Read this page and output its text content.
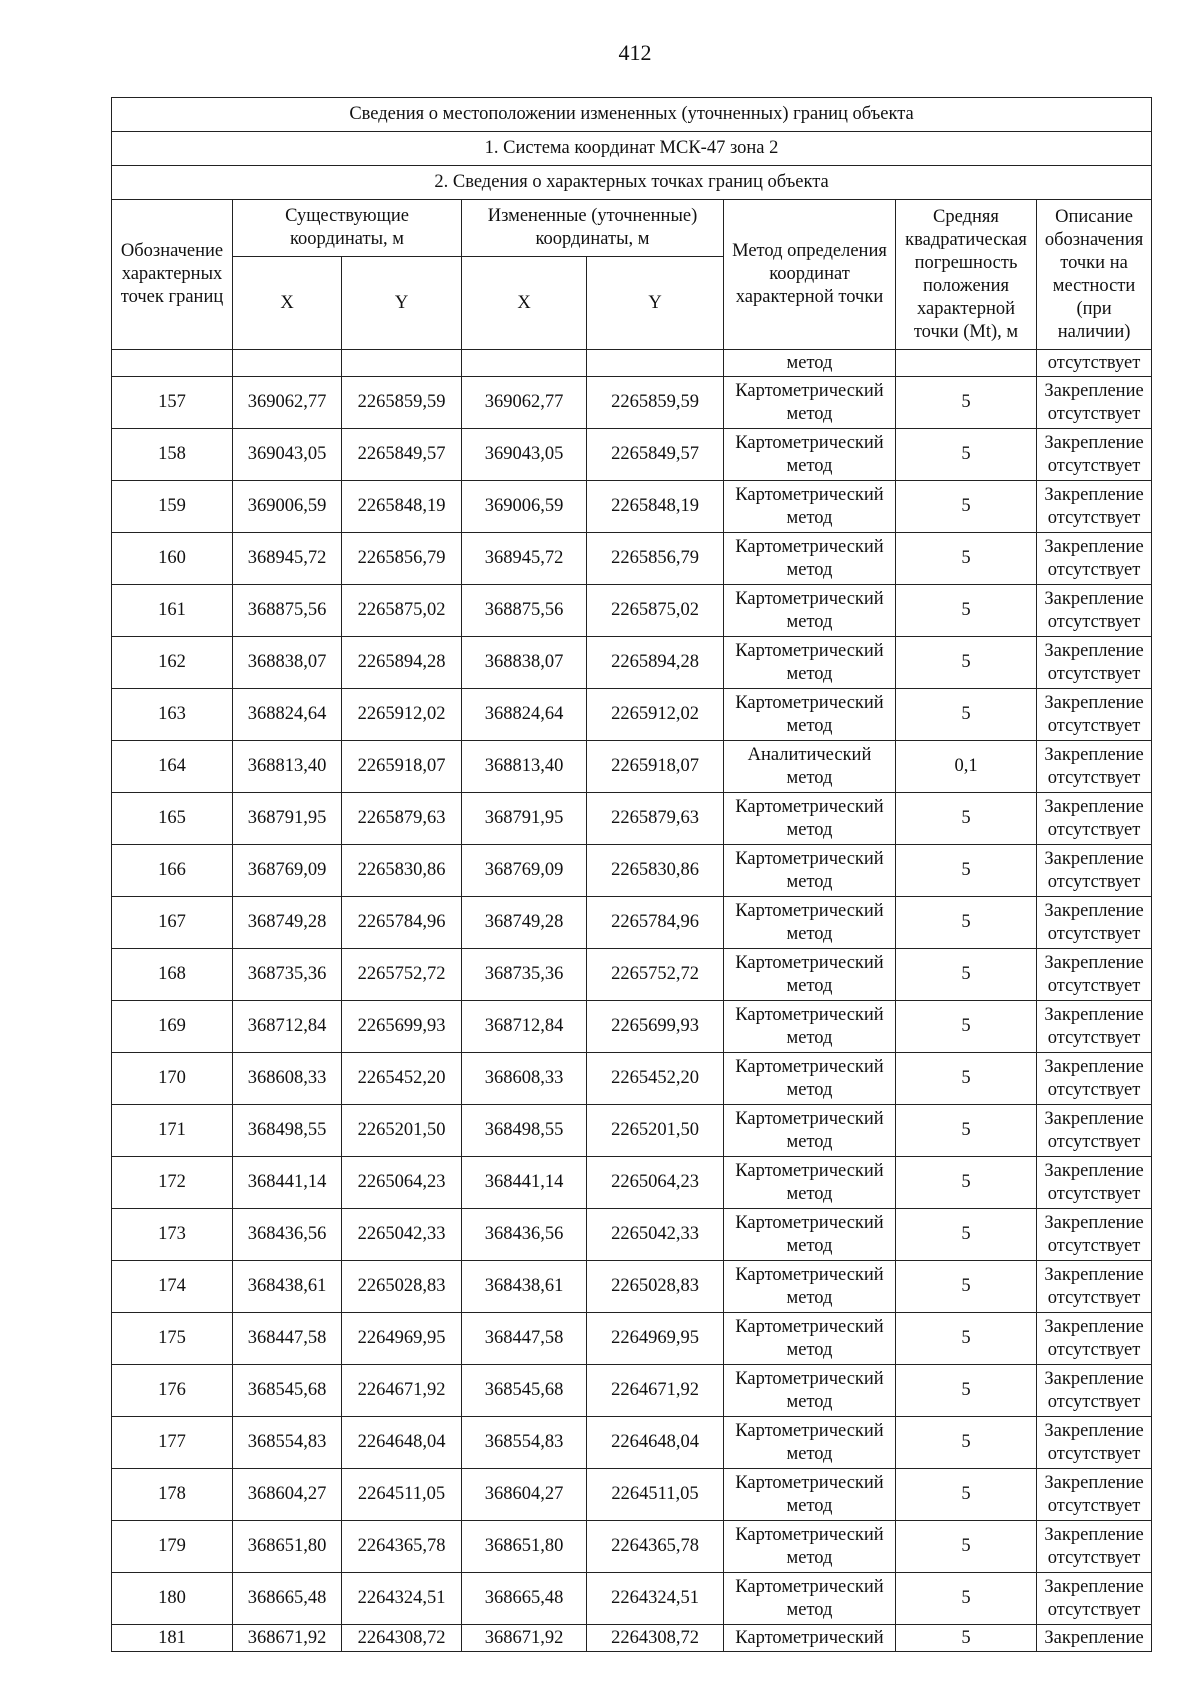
412
Сведения о местоположении измененных (уточненных) границ объекта							
1. Система координат МСК-47 зона 2							
2. Сведения о характерных точках границ объекта							
Обозначение характерных точек границ	Существующие координаты, м		Измененные (уточненные) координаты, м		Метод определения координат характерной точки	Средняя квадратическая погрешность положения характерной точки (Mt), м	Описание обозначения точки на местности (при наличии)
	X	Y	X	Y			
					метод		отсутствует
157	369062,77	2265859,59	369062,77	2265859,59	Картометрический метод	5	Закрепление отсутствует
158	369043,05	2265849,57	369043,05	2265849,57	Картометрический метод	5	Закрепление отсутствует
159	369006,59	2265848,19	369006,59	2265848,19	Картометрический метод	5	Закрепление отсутствует
160	368945,72	2265856,79	368945,72	2265856,79	Картометрический метод	5	Закрепление отсутствует
161	368875,56	2265875,02	368875,56	2265875,02	Картометрический метод	5	Закрепление отсутствует
162	368838,07	2265894,28	368838,07	2265894,28	Картометрический метод	5	Закрепление отсутствует
163	368824,64	2265912,02	368824,64	2265912,02	Картометрический метод	5	Закрепление отсутствует
164	368813,40	2265918,07	368813,40	2265918,07	Аналитический метод	0,1	Закрепление отсутствует
165	368791,95	2265879,63	368791,95	2265879,63	Картометрический метод	5	Закрепление отсутствует
166	368769,09	2265830,86	368769,09	2265830,86	Картометрический метод	5	Закрепление отсутствует
167	368749,28	2265784,96	368749,28	2265784,96	Картометрический метод	5	Закрепление отсутствует
168	368735,36	2265752,72	368735,36	2265752,72	Картометрический метод	5	Закрепление отсутствует
169	368712,84	2265699,93	368712,84	2265699,93	Картометрический метод	5	Закрепление отсутствует
170	368608,33	2265452,20	368608,33	2265452,20	Картометрический метод	5	Закрепление отсутствует
171	368498,55	2265201,50	368498,55	2265201,50	Картометрический метод	5	Закрепление отсутствует
172	368441,14	2265064,23	368441,14	2265064,23	Картометрический метод	5	Закрепление отсутствует
173	368436,56	2265042,33	368436,56	2265042,33	Картометрический метод	5	Закрепление отсутствует
174	368438,61	2265028,83	368438,61	2265028,83	Картометрический метод	5	Закрепление отсутствует
175	368447,58	2264969,95	368447,58	2264969,95	Картометрический метод	5	Закрепление отсутствует
176	368545,68	2264671,92	368545,68	2264671,92	Картометрический метод	5	Закрепление отсутствует
177	368554,83	2264648,04	368554,83	2264648,04	Картометрический метод	5	Закрепление отсутствует
178	368604,27	2264511,05	368604,27	2264511,05	Картометрический метод	5	Закрепление отсутствует
179	368651,80	2264365,78	368651,80	2264365,78	Картометрический метод	5	Закрепление отсутствует
180	368665,48	2264324,51	368665,48	2264324,51	Картометрический метод	5	Закрепление отсутствует
181	368671,92	2264308,72	368671,92	2264308,72	Картометрический	5	Закрепление
